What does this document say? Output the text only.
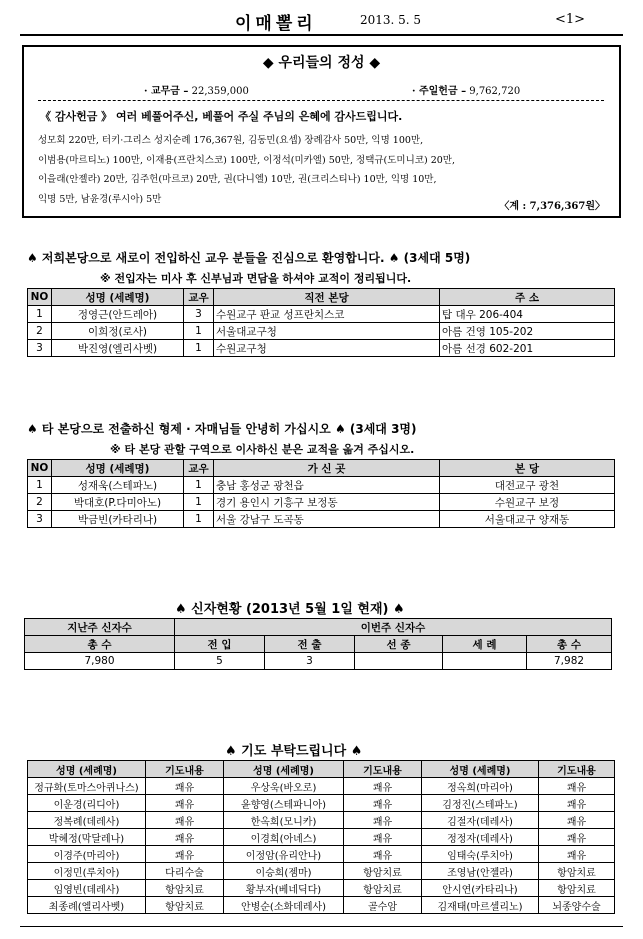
이매뽈리	2013. 5. 5	<1>
◆ 우리들의 정성 ◆
· 교무금 – 22,359,000	· 주일헌금 – 9,762,720
《 감사헌금 》 여러 베풀어주신, 베풀어 주실 주님의 은혜에 감사드립니다.
성모회 220만, 터키·그리스 성지순례 176,367원, 김동민(요셉) 장례감사 50만, 익명 100만,
이범용(마르티노) 100만, 이재용(프란치스코) 100만, 이정석(미카엘) 50만, 정택규(도미니코) 20만,
이을래(안젤라) 20만, 김주헌(마르코) 20만, 권(다니엘) 10만, 권(크리스티나) 10만, 익명 10만,
익명 5만, 남윤경(루시아) 5만
〈계 : 7,376,367원〉
♠ 저희본당으로 새로이 전입하신 교우 분들을 진심으로 환영합니다. ♠ (3세대 5명)
※ 전입자는 미사 후 신부님과 면담을 하셔야 교적이 정리됩니다.
NO	성명 (세례명)	교우	직전 본당	주 소
1	정영근(안드레아)	3	수원교구 판교 성프란치스코	탑 대우 206-404
2	이희정(로사)	1	서울대교구청	아름 건영 105-202
3	박진영(엘리사벳)	1	수원교구청	아름 선경 602-201
♠ 타 본당으로 전출하신 형제 · 자매님들 안녕히 가십시오 ♠ (3세대 3명)
※ 타 본당 관할 구역으로 이사하신 분은 교적을 옮겨 주십시오.
NO	성명 (세례명)	교우	가 신 곳	본 당
1	성재욱(스테파노)	1	충남 홍성군 광천읍	대전교구 광천
2	박대호(P.다미아노)	1	경기 용인시 기흥구 보정동	수원교구 보정
3	박금빈(카타리나)	1	서울 강남구 도곡동	서울대교구 양재동
♠ 신자현황 (2013년 5월 1일 현재) ♠
지난주 신자수	이번주 신자수				
총 수	전 입	전 출	선 종	세 례	총 수
7,980	5	3			7,982
♠ 기도 부탁드립니다 ♠
성명 (세례명)	기도내용	성명 (세례명)	기도내용	성명 (세례명)	기도내용
정규화(토마스아퀴나스)	쾌유	우상욱(바오로)	쾌유	정옥희(마리아)	쾌유
이운경(리디아)	쾌유	윤향영(스테파니아)	쾌유	김정진(스테파노)	쾌유
정복례(데레사)	쾌유	한옥희(모니카)	쾌유	김절자(데레사)	쾌유
박혜정(막달레나)	쾌유	이경희(아녜스)	쾌유	정정자(데레사)	쾌유
이경주(마리아)	쾌유	이정암(유리안나)	쾌유	임태숙(루치아)	쾌유
이정민(루치아)	다리수술	이승희(젬마)	항암치료	조영남(안젤라)	항암치료
임영빈(데레사)	항암치료	황부자(베네딕다)	항암치료	안시연(카타리나)	항암치료
최종례(엘리사벳)	항암치료	안병순(소화데레사)	골수암	김재태(마르셀리노)	뇌종양수술
